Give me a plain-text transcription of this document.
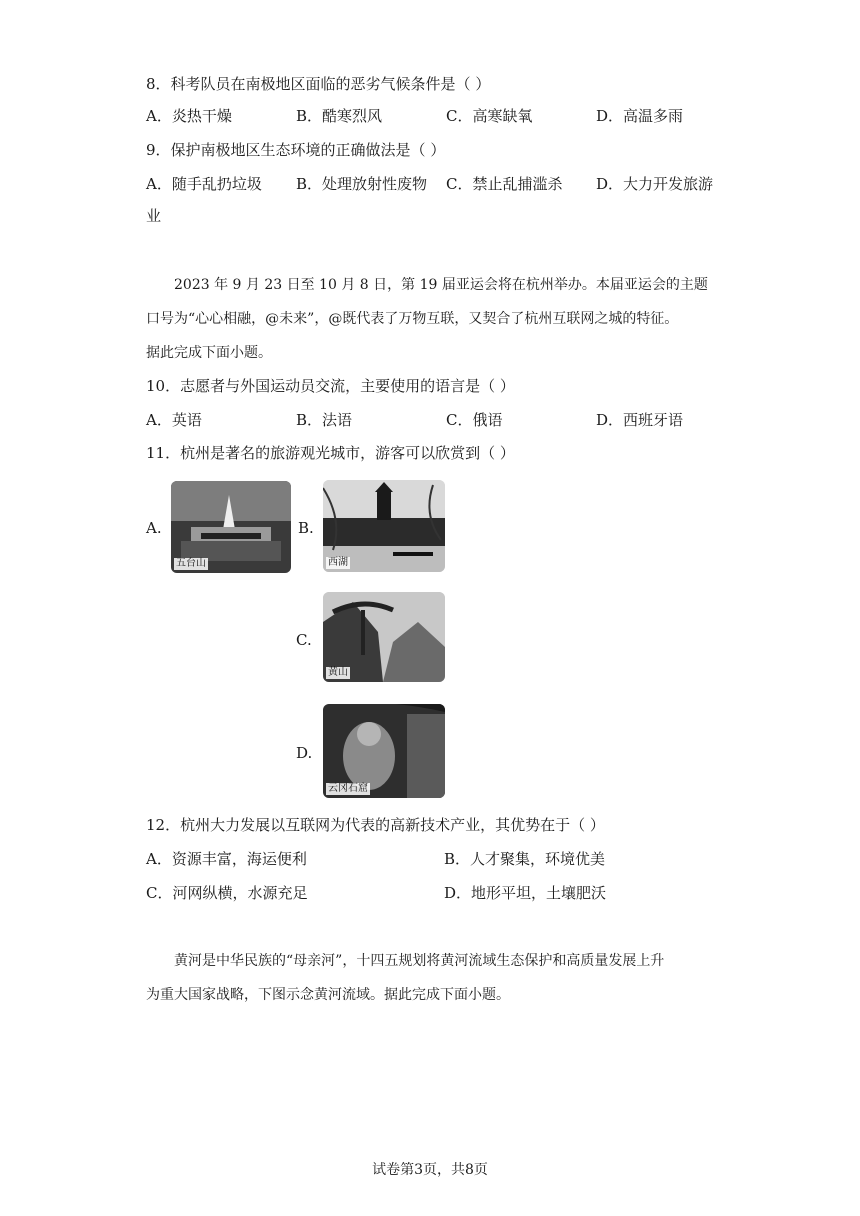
8．科考队员在南极地区面临的恶劣气候条件是（ ）
A．炎热干燥	B．酷寒烈风	C．高寒缺氧	D．高温多雨
9．保护南极地区生态环境的正确做法是（ ）
A．随手乱扔垃圾 B．处理放射性废物 C．禁止乱捕滥杀 D．大力开发旅游
业
2023 年 9 月 23 日至 10 月 8 日，第 19 届亚运会将在杭州举办。本届亚运会的主题
口号为“心心相融，@未来”，@既代表了万物互联，又契合了杭州互联网之城的特征。
据此完成下面小题。
10．志愿者与外国运动员交流，主要使用的语言是（ ）
A．英语	B．法语	C．俄语	D．西班牙语
11．杭州是著名的旅游观光城市，游客可以欣赏到（ ）
A.
五台山
B.
西湖
C.
黄山
D.
云冈石窟
12．杭州大力发展以互联网为代表的高新技术产业，其优势在于（ ）
A．资源丰富，海运便利	B．人才聚集，环境优美
C．河网纵横，水源充足	D．地形平坦，土壤肥沃
黄河是中华民族的“母亲河”，十四五规划将黄河流域生态保护和高质量发展上升
为重大国家战略，下图示念黄河流域。据此完成下面小题。
试卷第3页，共8页
